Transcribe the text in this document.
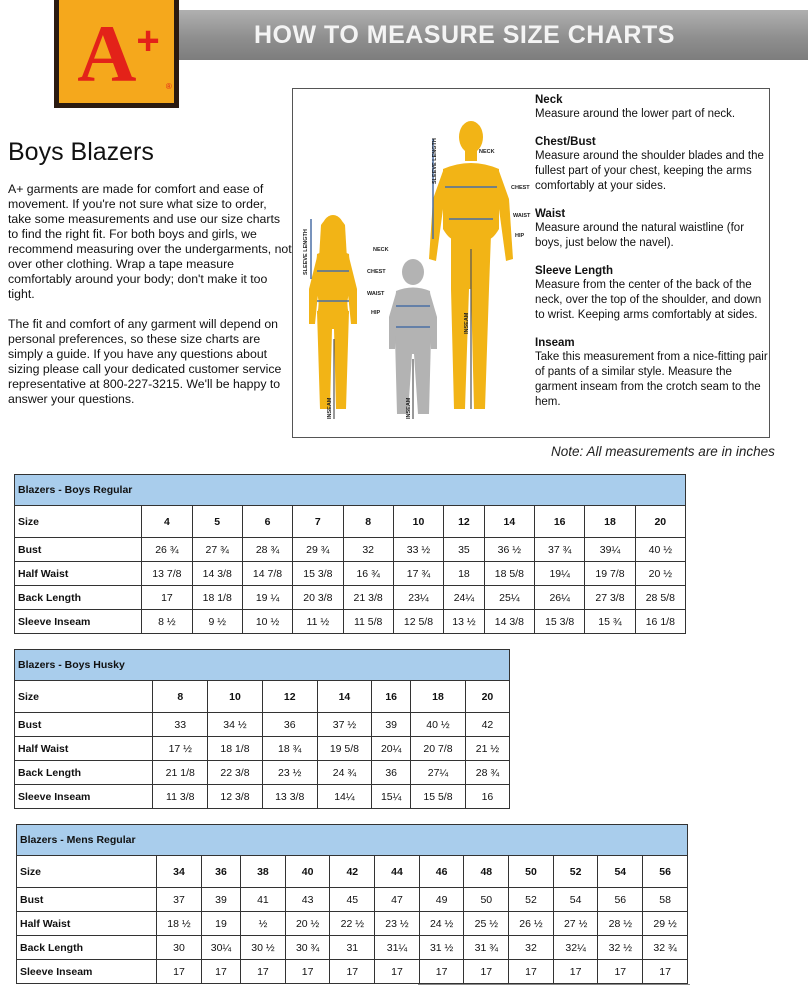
HOW TO MEASURE SIZE CHARTS
A +
®
Boys Blazers

A+ garments are made for comfort and ease of movement. If you're not sure what size to order, take some measurements and use our size charts to find the right fit. For both boys and girls, we recommend measuring over the undergarments, not over other clothing. Wrap a tape measure comfortably around your body; don't make it too tight.

The fit and comfort of any garment will depend on personal preferences, so these size charts are simply a guide. If you have any questions about sizing please call your dedicated customer service representative at 800-227-3215. We'll be happy to answer your questions.

NECK
CHEST
WAIST
HIP
NECK
CHEST
WAIST
HIP
SLEEVE LENGTH
SLEEVE LENGTH
INSEAM	INSEAM
INSEAM
Neck
Measure around the lower part of neck.
Chest/Bust
Measure around the shoulder blades and the fullest part of your chest, keeping the arms comfortably at your sides.
Waist
Measure around the natural waistline (for boys, just below the navel).
Sleeve Length
Measure from the center of the back of the neck, over the top of the shoulder, and down to wrist. Keeping arms comfortably at sides.
Inseam
Take this measurement from a nice-fitting pair of pants of a similar style. Measure the garment inseam from the crotch seam to the hem.
Note: All measurements are in inches
Blazers - Boys Regular											
Size	4	5	6	7	8	10	12	14	16	18	20
Bust	26 ¾	27 ¾	28 ¾	29 ¾	32	33 ½	35	36 ½	37 ¾	39¼	40 ½
Half Waist	13 7/8	14 3/8	14 7/8	15 3/8	16 ¾	17 ¾	18	18 5/8	19¼	19 7/8	20 ½
Back Length	17	18 1/8	19 ¼	20 3/8	21 3/8	23¼	24¼	25¼	26¼	27 3/8	28 5/8
Sleeve Inseam	8 ½	9 ½	10 ½	11 ½	11 5/8	12 5/8	13 ½	14 3/8	15 3/8	15 ¾	16 1/8
Blazers - Boys Husky							
Size	8	10	12	14	16	18	20
Bust	33	34 ½	36	37 ½	39	40 ½	42
Half Waist	17 ½	18 1/8	18 ¾	19 5/8	20¼	20 7/8	21 ½
Back Length	21 1/8	22 3/8	23 ½	24 ¾	36	27¼	28 ¾
Sleeve Inseam	11 3/8	12 3/8	13 3/8	14¼	15¼	15 5/8	16
Blazers - Mens Regular												
Size	34	36	38	40	42	44	46	48	50	52	54	56
Bust	37	39	41	43	45	47	49	50	52	54	56	58
Half Waist	18 ½	19	½	20 ½	22 ½	23 ½	24 ½	25 ½	26 ½	27 ½	28 ½	29 ½
Back Length	30	30¼	30 ½	30 ¾	31	31¼	31 ½	31 ¾	32	32¼	32 ½	32 ¾
Sleeve Inseam	17	17	17	17	17	17	17	17	17	17	17	17
